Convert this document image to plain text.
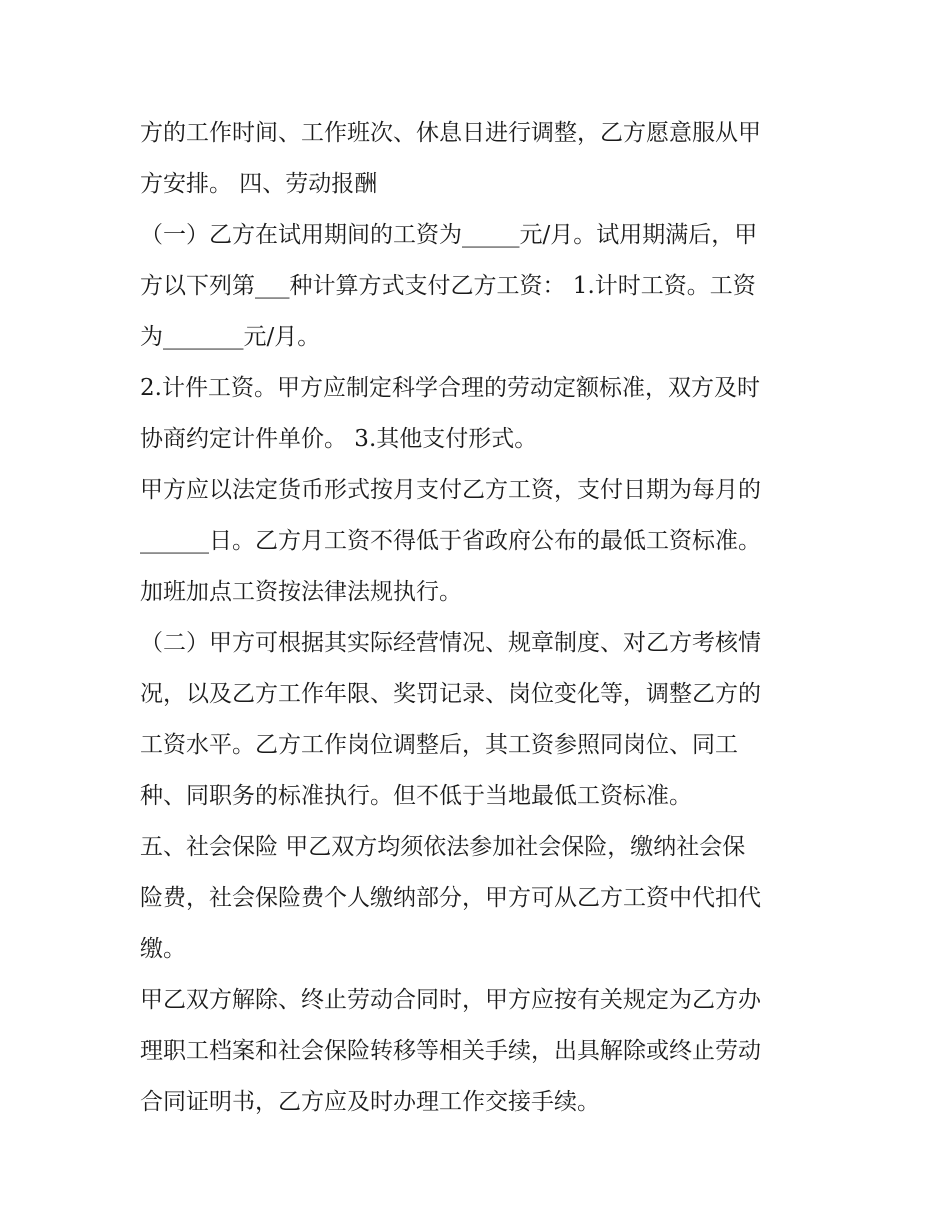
方的工作时间、工作班次、休息日进行调整，乙方愿意服从甲
方安排。 四、劳动报酬
（一）乙方在试用期间的工资为_____元/月。试用期满后，甲
方以下列第___种计算方式支付乙方工资： 1.计时工资。工资
为_______元/月。
2.计件工资。甲方应制定科学合理的劳动定额标准，双方及时
协商约定计件单价。 3.其他支付形式。
甲方应以法定货币形式按月支付乙方工资，支付日期为每月的
______日。乙方月工资不得低于省政府公布的最低工资标准。
加班加点工资按法律法规执行。
（二）甲方可根据其实际经营情况、规章制度、对乙方考核情
况，以及乙方工作年限、奖罚记录、岗位变化等，调整乙方的
工资水平。乙方工作岗位调整后，其工资参照同岗位、同工
种、同职务的标准执行。但不低于当地最低工资标准。
五、社会保险 甲乙双方均须依法参加社会保险，缴纳社会保
险费，社会保险费个人缴纳部分，甲方可从乙方工资中代扣代
缴。
甲乙双方解除、终止劳动合同时，甲方应按有关规定为乙方办
理职工档案和社会保险转移等相关手续，出具解除或终止劳动
合同证明书，乙方应及时办理工作交接手续。
